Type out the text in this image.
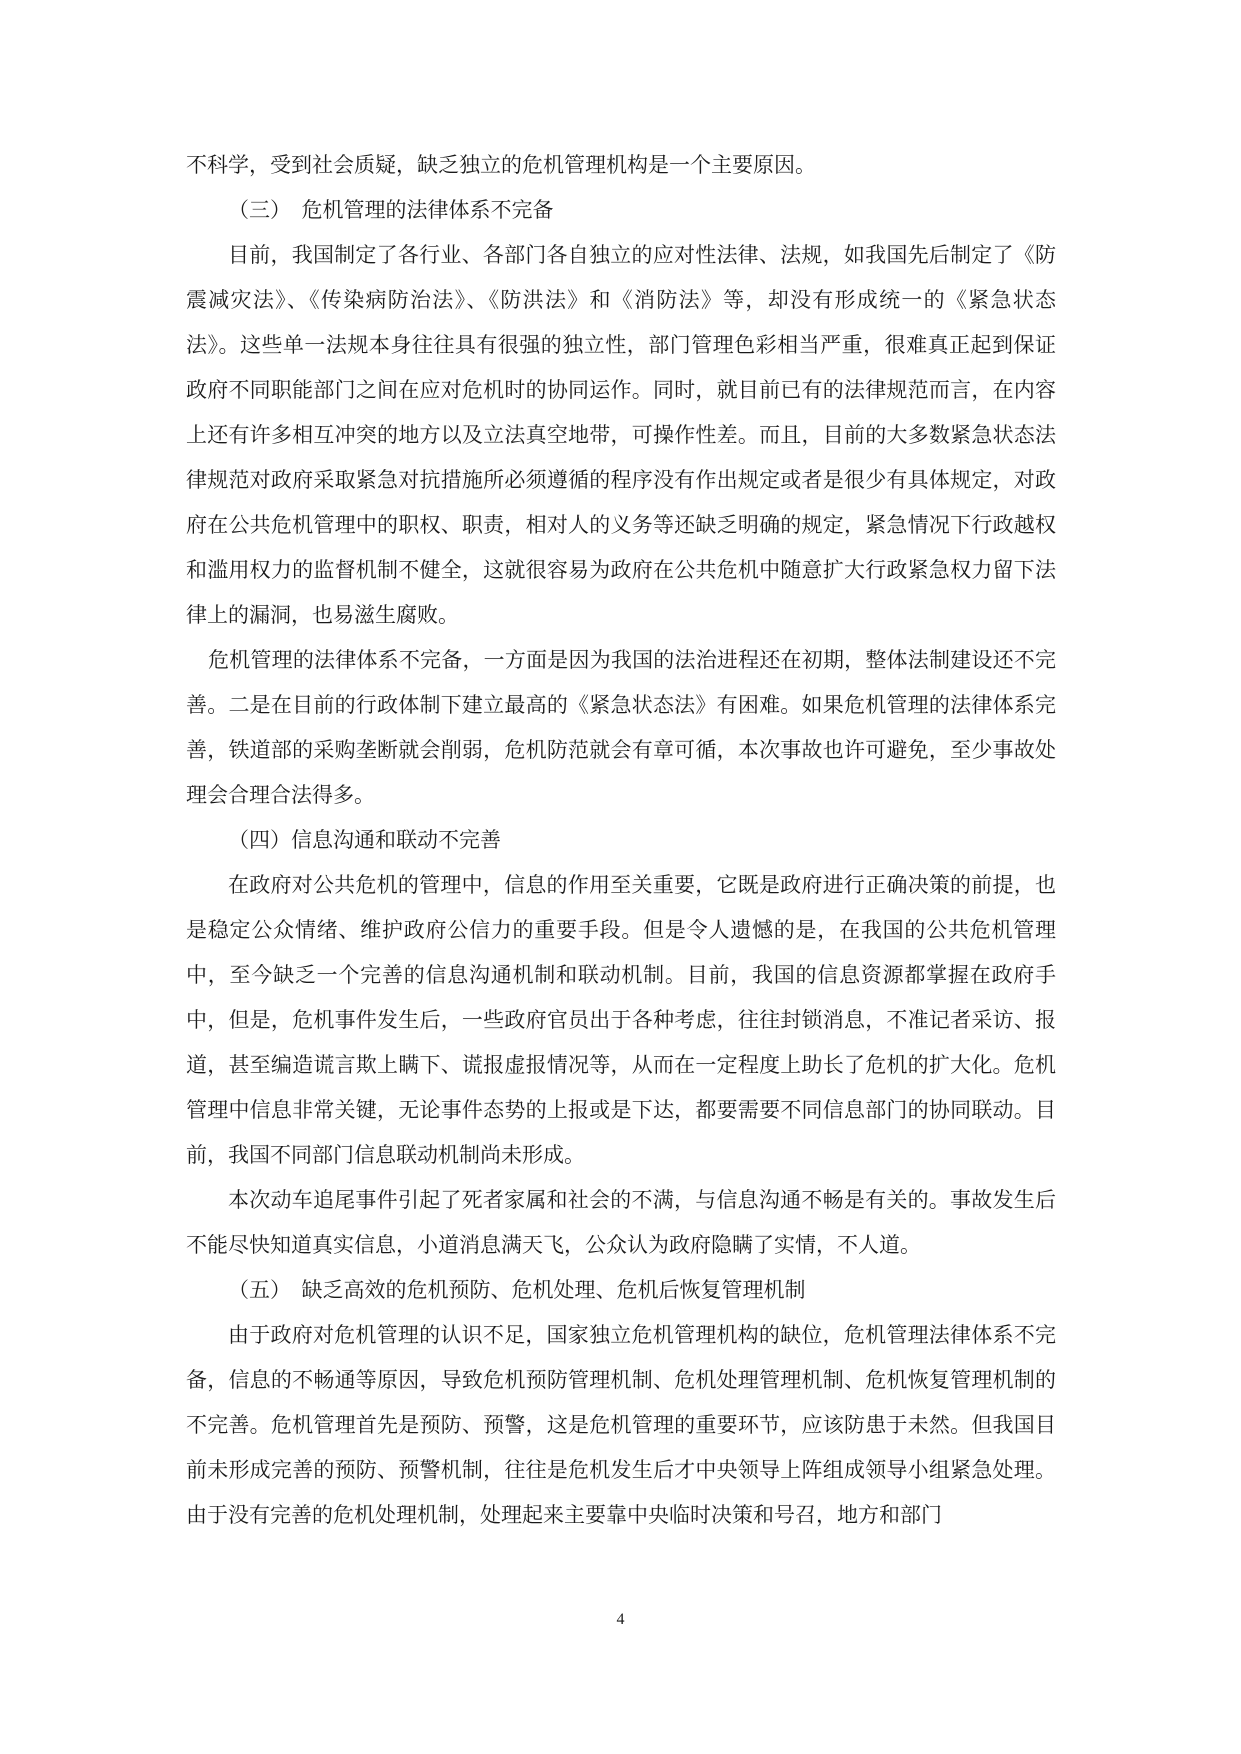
不科学，受到社会质疑，缺乏独立的危机管理机构是一个主要原因。

（三）　危机管理的法律体系不完备

目前，我国制定了各行业、各部门各自独立的应对性法律、法规，如我国先后制定了《防震减灾法》、《传染病防治法》、《防洪法》和《消防法》等，却没有形成统一的《紧急状态法》。这些单一法规本身往往具有很强的独立性，部门管理色彩相当严重，很难真正起到保证政府不同职能部门之间在应对危机时的协同运作。同时，就目前已有的法律规范而言，在内容上还有许多相互冲突的地方以及立法真空地带，可操作性差。而且，目前的大多数紧急状态法律规范对政府采取紧急对抗措施所必须遵循的程序没有作出规定或者是很少有具体规定，对政府在公共危机管理中的职权、职责，相对人的义务等还缺乏明确的规定，紧急情况下行政越权和滥用权力的监督机制不健全，这就很容易为政府在公共危机中随意扩大行政紧急权力留下法律上的漏洞，也易滋生腐败。

危机管理的法律体系不完备，一方面是因为我国的法治进程还在初期，整体法制建设还不完善。二是在目前的行政体制下建立最高的《紧急状态法》有困难。如果危机管理的法律体系完善，铁道部的采购垄断就会削弱，危机防范就会有章可循，本次事故也许可避免，至少事故处理会合理合法得多。

（四）信息沟通和联动不完善

在政府对公共危机的管理中，信息的作用至关重要，它既是政府进行正确决策的前提，也是稳定公众情绪、维护政府公信力的重要手段。但是令人遗憾的是，在我国的公共危机管理中，至今缺乏一个完善的信息沟通机制和联动机制。目前，我国的信息资源都掌握在政府手中，但是，危机事件发生后，一些政府官员出于各种考虑，往往封锁消息，不准记者采访、报道，甚至编造谎言欺上瞒下、谎报虚报情况等，从而在一定程度上助长了危机的扩大化。危机管理中信息非常关键，无论事件态势的上报或是下达，都要需要不同信息部门的协同联动。目前，我国不同部门信息联动机制尚未形成。

本次动车追尾事件引起了死者家属和社会的不满，与信息沟通不畅是有关的。事故发生后不能尽快知道真实信息，小道消息满天飞，公众认为政府隐瞒了实情，不人道。

（五）　缺乏高效的危机预防、危机处理、危机后恢复管理机制

由于政府对危机管理的认识不足，国家独立危机管理机构的缺位，危机管理法律体系不完备，信息的不畅通等原因，导致危机预防管理机制、危机处理管理机制、危机恢复管理机制的不完善。危机管理首先是预防、预警，这是危机管理的重要环节，应该防患于未然。但我国目前未形成完善的预防、预警机制，往往是危机发生后才中央领导上阵组成领导小组紧急处理。由于没有完善的危机处理机制，处理起来主要靠中央临时决策和号召，地方和部门

4
